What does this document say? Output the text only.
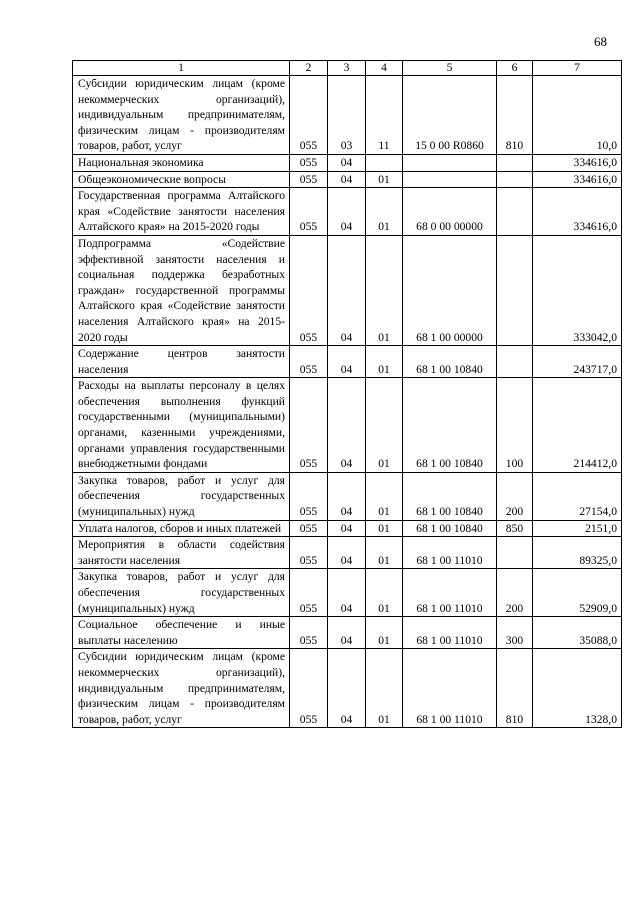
68
1	2	3	4	5	6	7
Субсидии юридическим лицам (кроме некоммерческих организаций), индивидуальным предпринимателям, физическим лицам - производителям товаров, работ, услуг	055	03	11	15 0 00 R0860	810	10,0
Национальная экономика	055	04				334616,0
Общеэкономические вопросы	055	04	01			334616,0
Государственная программа Алтайского края «Содействие занятости населения Алтайского края» на 2015-2020 годы	055	04	01	68 0 00 00000		334616,0
Подпрограмма «Содействие эффективной занятости населения и социальная поддержка безработных граждан» государственной программы Алтайского края «Содействие занятости населения Алтайского края» на 2015-2020 годы	055	04	01	68 1 00 00000		333042,0
Содержание центров занятости населения	055	04	01	68 1 00 10840		243717,0
Расходы на выплаты персоналу в целях обеспечения выполнения функций государственными (муниципальными) органами, казенными учреждениями, органами управления государственными внебюджетными фондами	055	04	01	68 1 00 10840	100	214412,0
Закупка товаров, работ и услуг для обеспечения государственных (муниципальных) нужд	055	04	01	68 1 00 10840	200	27154,0
Уплата налогов, сборов и иных платежей	055	04	01	68 1 00 10840	850	2151,0
Мероприятия в области содействия занятости населения	055	04	01	68 1 00 11010		89325,0
Закупка товаров, работ и услуг для обеспечения государственных (муниципальных) нужд	055	04	01	68 1 00 11010	200	52909,0
Социальное обеспечение и иные выплаты населению	055	04	01	68 1 00 11010	300	35088,0
Субсидии юридическим лицам (кроме некоммерческих организаций), индивидуальным предпринимателям, физическим лицам - производителям товаров, работ, услуг	055	04	01	68 1 00 11010	810	1328,0
